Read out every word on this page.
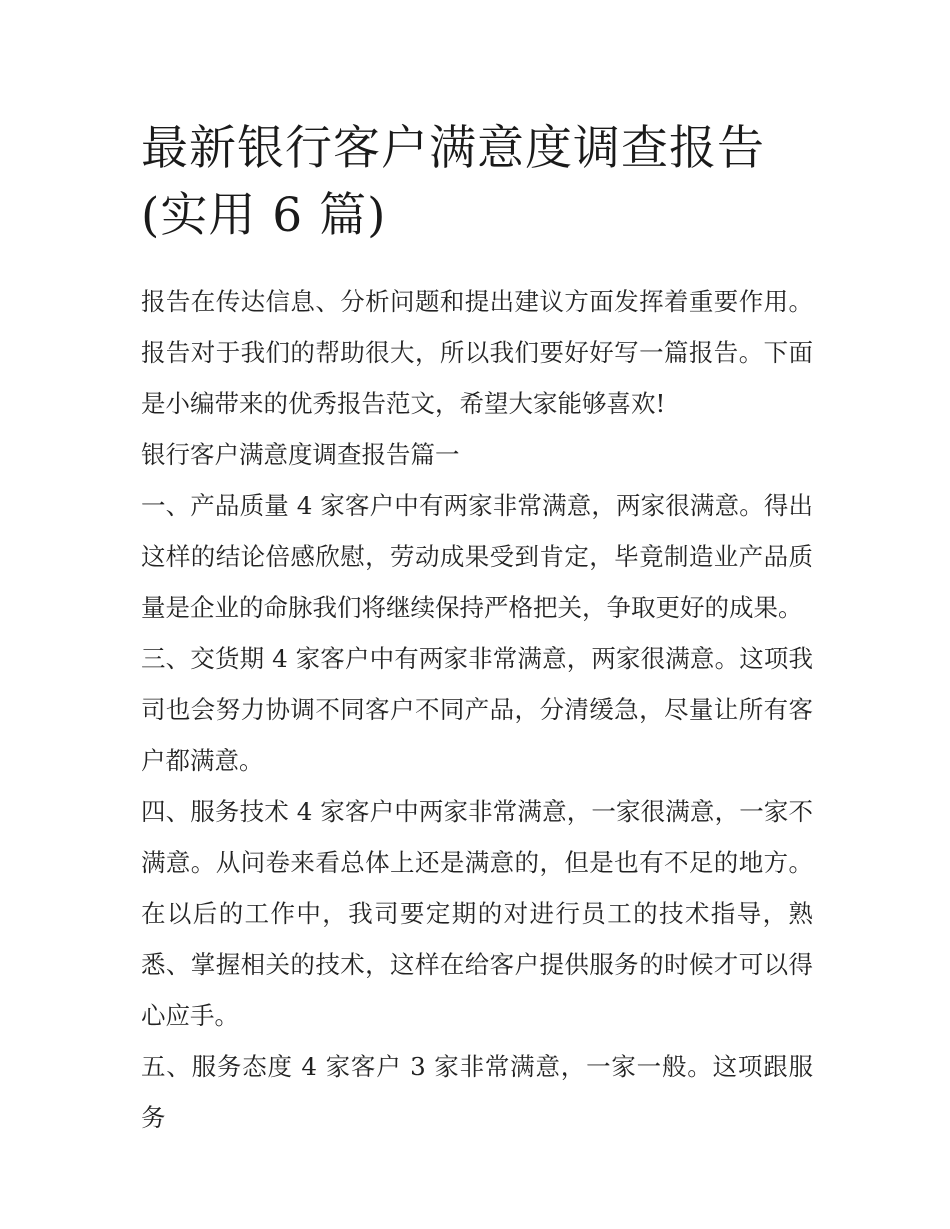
最新银行客户满意度调查报告
(实用 6 篇)

报告在传达信息、分析问题和提出建议方面发挥着重要作用。报告对于我们的帮助很大，所以我们要好好写一篇报告。下面是小编带来的优秀报告范文，希望大家能够喜欢!

银行客户满意度调查报告篇一

一、产品质量 4 家客户中有两家非常满意，两家很满意。得出这样的结论倍感欣慰，劳动成果受到肯定，毕竟制造业产品质量是企业的命脉我们将继续保持严格把关，争取更好的成果。

三、交货期 4 家客户中有两家非常满意，两家很满意。这项我司也会努力协调不同客户不同产品，分清缓急，尽量让所有客户都满意。

四、服务技术 4 家客户中两家非常满意，一家很满意，一家不满意。从问卷来看总体上还是满意的，但是也有不足的地方。在以后的工作中，我司要定期的对进行员工的技术指导，熟悉、掌握相关的技术，这样在给客户提供服务的时候才可以得心应手。

五、服务态度 4 家客户 3 家非常满意，一家一般。这项跟服务
